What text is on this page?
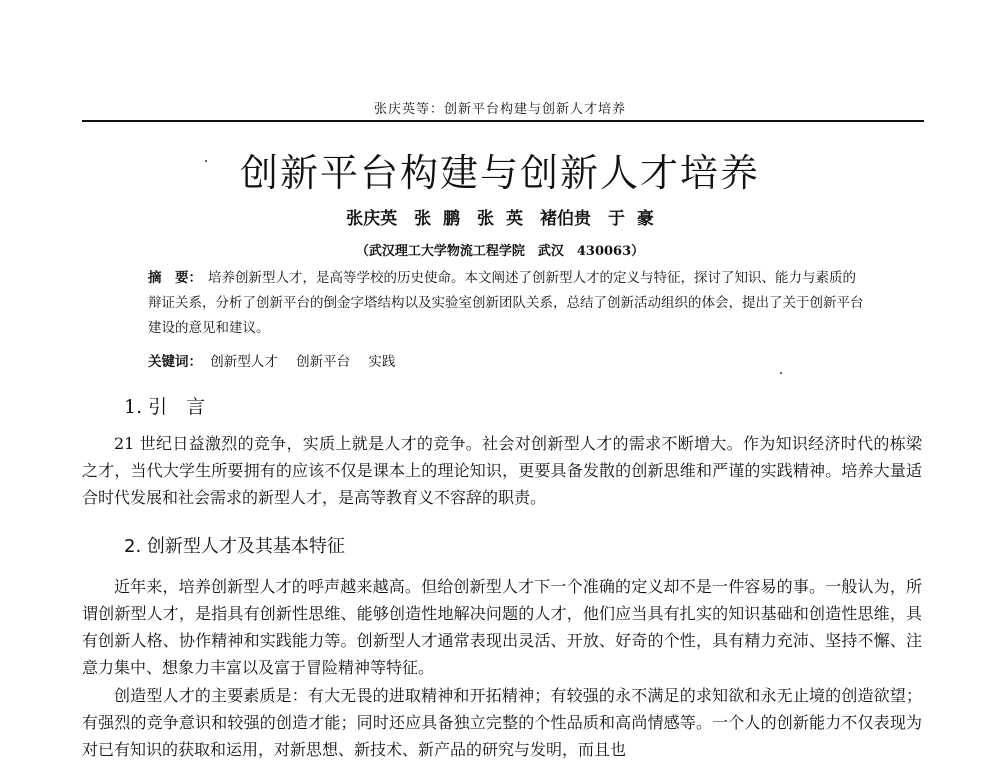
张庆英等：创新平台构建与创新人才培养
创新平台构建与创新人才培养
张庆英　张 鹏　张 英　褚伯贵　于 豪
（武汉理工大学物流工程学院　武汉　430063）
摘　要： 培养创新型人才，是高等学校的历史使命。本文阐述了创新型人才的定义与特征，探讨了知识、能力与素质的辩证关系，分析了创新平台的倒金字塔结构以及实验室创新团队关系，总结了创新活动组织的体会，提出了关于创新平台建设的意见和建议。
关键词： 创新型人才 创新平台 实践
1. 引　言
21 世纪日益激烈的竞争，实质上就是人才的竞争。社会对创新型人才的需求不断增大。作为知识经济时代的栋梁之才，当代大学生所要拥有的应该不仅是课本上的理论知识，更要具备发散的创新思维和严谨的实践精神。培养大量适合时代发展和社会需求的新型人才，是高等教育义不容辞的职责。
2. 创新型人才及其基本特征
近年来，培养创新型人才的呼声越来越高。但给创新型人才下一个准确的定义却不是一件容易的事。一般认为，所谓创新型人才，是指具有创新性思维、能够创造性地解决问题的人才，他们应当具有扎实的知识基础和创造性思维，具有创新人格、协作精神和实践能力等。创新型人才通常表现出灵活、开放、好奇的个性，具有精力充沛、坚持不懈、注意力集中、想象力丰富以及富于冒险精神等特征。
创造型人才的主要素质是：有大无畏的进取精神和开拓精神；有较强的永不满足的求知欲和永无止境的创造欲望；有强烈的竞争意识和较强的创造才能；同时还应具备独立完整的个性品质和高尚情感等。一个人的创新能力不仅表现为对已有知识的获取和运用，对新思想、新技术、新产品的研究与发明，而且也
